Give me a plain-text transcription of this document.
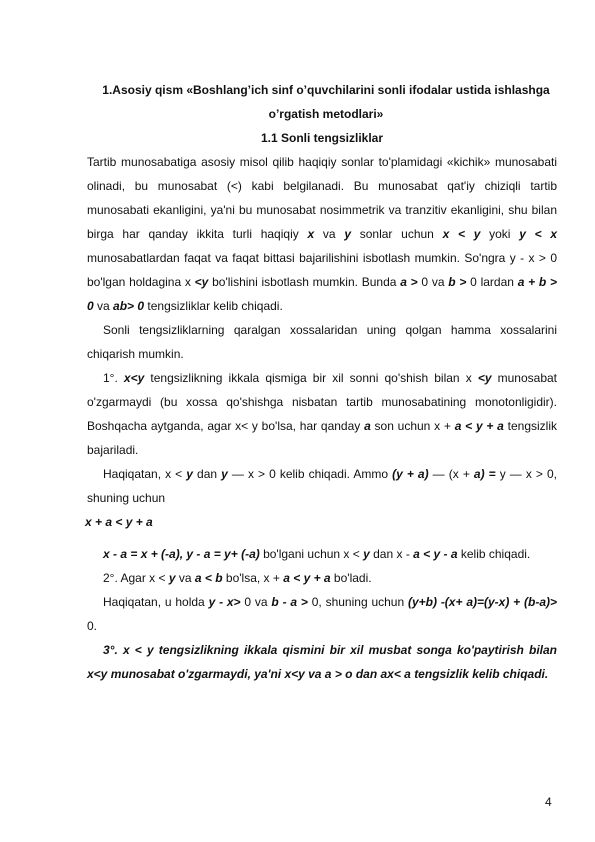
1.Asosiy qism «Boshlang’ich sinf o’quvchilarini sonli ifodalar ustida ishlashga
o’rgatish metodlari»
1.1 Sonli tengsizliklar

Tartib munosabatiga asosiy misol qilib haqiqiy sonlar to'plamidagi «kichik» munosabati olinadi, bu munosabat (<) kabi belgilanadi. Bu munosabat qat'iy chiziqli tartib munosabati ekanligini, ya'ni bu munosabat nosimmetrik va tranzitiv ekanligini, shu bilan birga har qanday ikkita turli haqiqiy x va y sonlar uchun x < y yoki y < x munosabatlardan faqat va faqat bittasi bajarilishini isbotlash mumkin. So'ngra y - x > 0 bo'lgan holdagina x <y bo'lishini isbotlash mumkin. Bunda a > 0 va b > 0 lardan a + b > 0 va ab> 0 tengsizliklar kelib chiqadi.

Sonli tengsizliklarning qaralgan xossalaridan uning qolgan hamma xossalarini chiqarish mumkin.

1°. x<y tengsizlikning ikkala qismiga bir xil sonni qo'shish bilan x <y munosabat o'zgarmaydi (bu xossa qo'shishga nisbatan tartib munosabatining monotonligidir). Boshqacha aytganda, agar x< y bo'lsa, har qanday a son uchun x + a < y + a tengsizlik bajariladi.

Haqiqatan, x < y dan y — x > 0 kelib chiqadi. Ammo (y + a) — (x + a) = y — x > 0, shuning uchun

x + a < y + a

x - a = x + (-a), y - a = y+ (-a) bo'lgani uchun x < y dan x - a < y - a kelib chiqadi.

2°. Agar x < y va a < b bo'lsa, x + a < y + a bo'ladi.

Haqiqatan, u holda y - x> 0 va b - a > 0, shuning uchun (y+b) -(x+ a)=(y-x) + (b-a)> 0.

3°. x < y tengsizlikning ikkala qismini bir xil musbat songa ko'paytirish bilan x<y munosabat o'zgarmaydi, ya'ni x<y va a > o dan ax< a tengsizlik kelib chiqadi.

4
